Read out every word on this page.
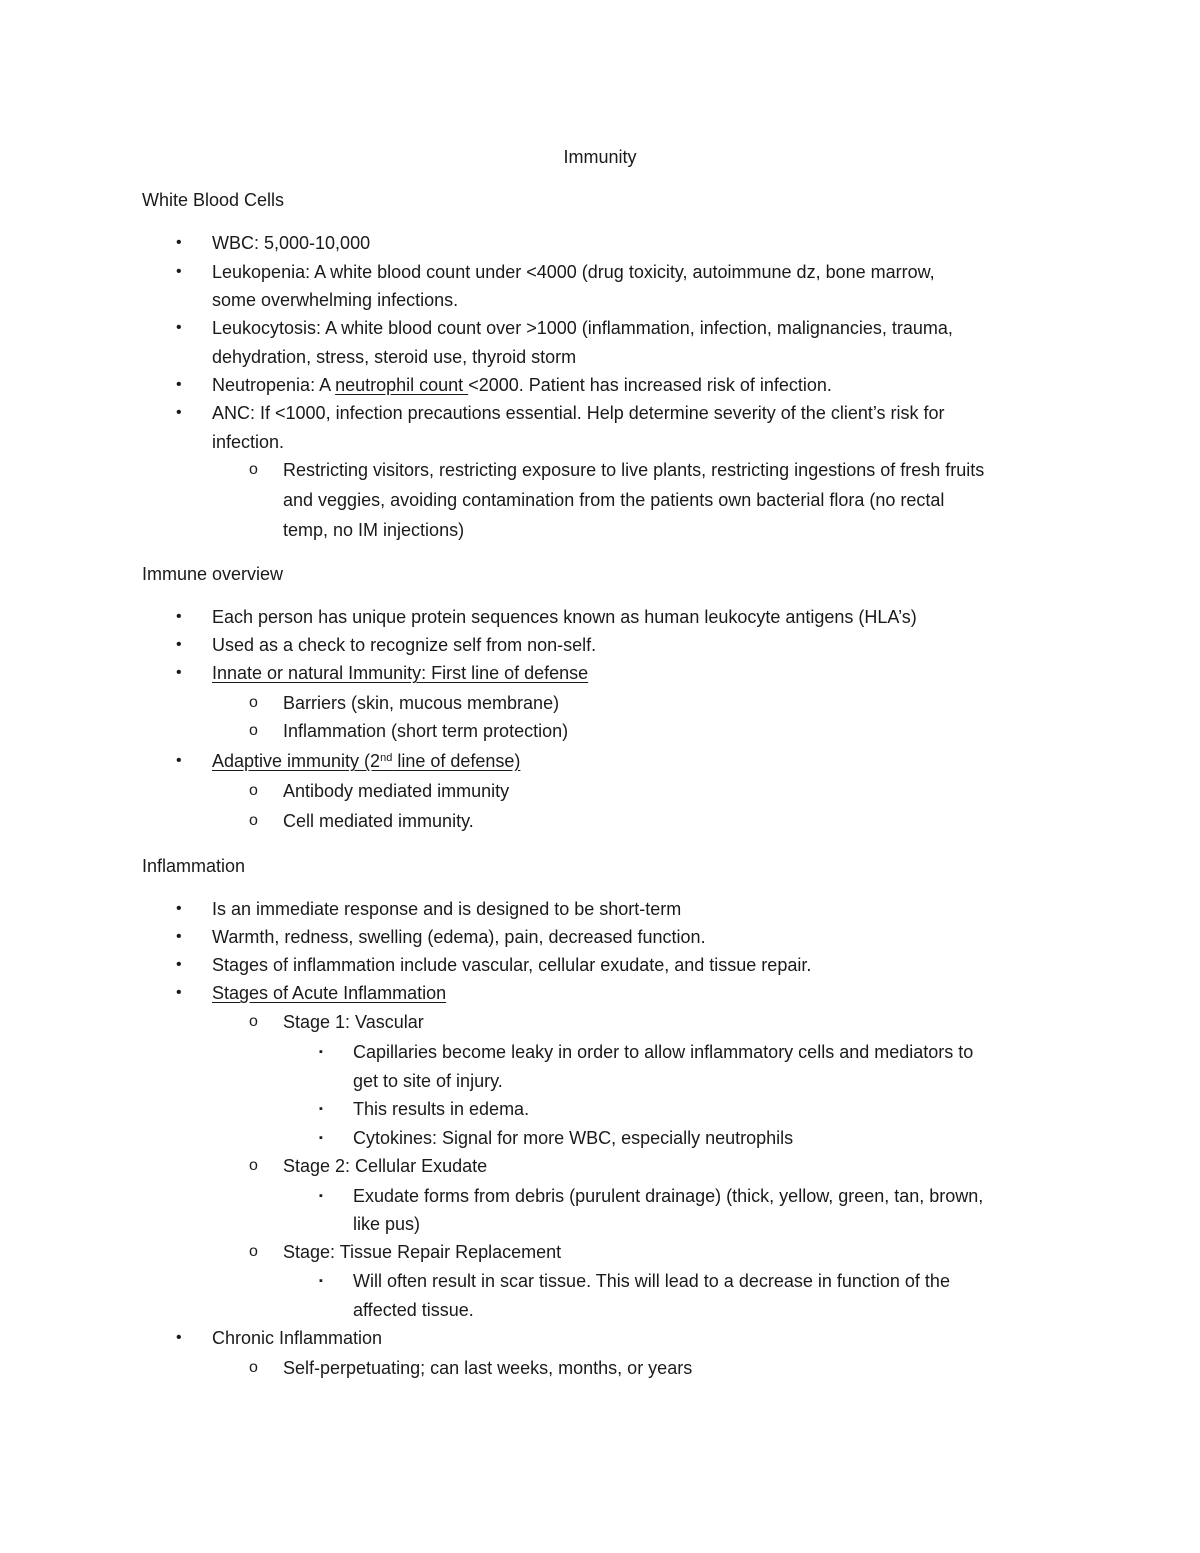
Immunity
White Blood Cells
• WBC: 5,000-10,000
• Leukopenia: A white blood count under <4000 (drug toxicity, autoimmune dz, bone marrow,
some overwhelming infections.
• Leukocytosis: A white blood count over >1000 (inflammation, infection, malignancies, trauma,
dehydration, stress, steroid use, thyroid storm
• Neutropenia: A neutrophil count <2000. Patient has increased risk of infection.
• ANC: If <1000, infection precautions essential. Help determine severity of the client’s risk for
infection.
o Restricting visitors, restricting exposure to live plants, restricting ingestions of fresh fruits
and veggies, avoiding contamination from the patients own bacterial flora (no rectal
temp, no IM injections)
Immune overview
• Each person has unique protein sequences known as human leukocyte antigens (HLA’s)
• Used as a check to recognize self from non-self.
• Innate or natural Immunity: First line of defense
o Barriers (skin, mucous membrane)
o Inflammation (short term protection)
• Adaptive immunity (2nd line of defense)
o Antibody mediated immunity
o Cell mediated immunity.
Inflammation
• Is an immediate response and is designed to be short-term
• Warmth, redness, swelling (edema), pain, decreased function.
• Stages of inflammation include vascular, cellular exudate, and tissue repair.
• Stages of Acute Inflammation
o Stage 1: Vascular
▪ Capillaries become leaky in order to allow inflammatory cells and mediators to
get to site of injury.
▪ This results in edema.
▪ Cytokines: Signal for more WBC, especially neutrophils
o Stage 2: Cellular Exudate
▪ Exudate forms from debris (purulent drainage) (thick, yellow, green, tan, brown,
like pus)
o Stage: Tissue Repair Replacement
▪ Will often result in scar tissue. This will lead to a decrease in function of the
affected tissue.
• Chronic Inflammation
o Self-perpetuating; can last weeks, months, or years
